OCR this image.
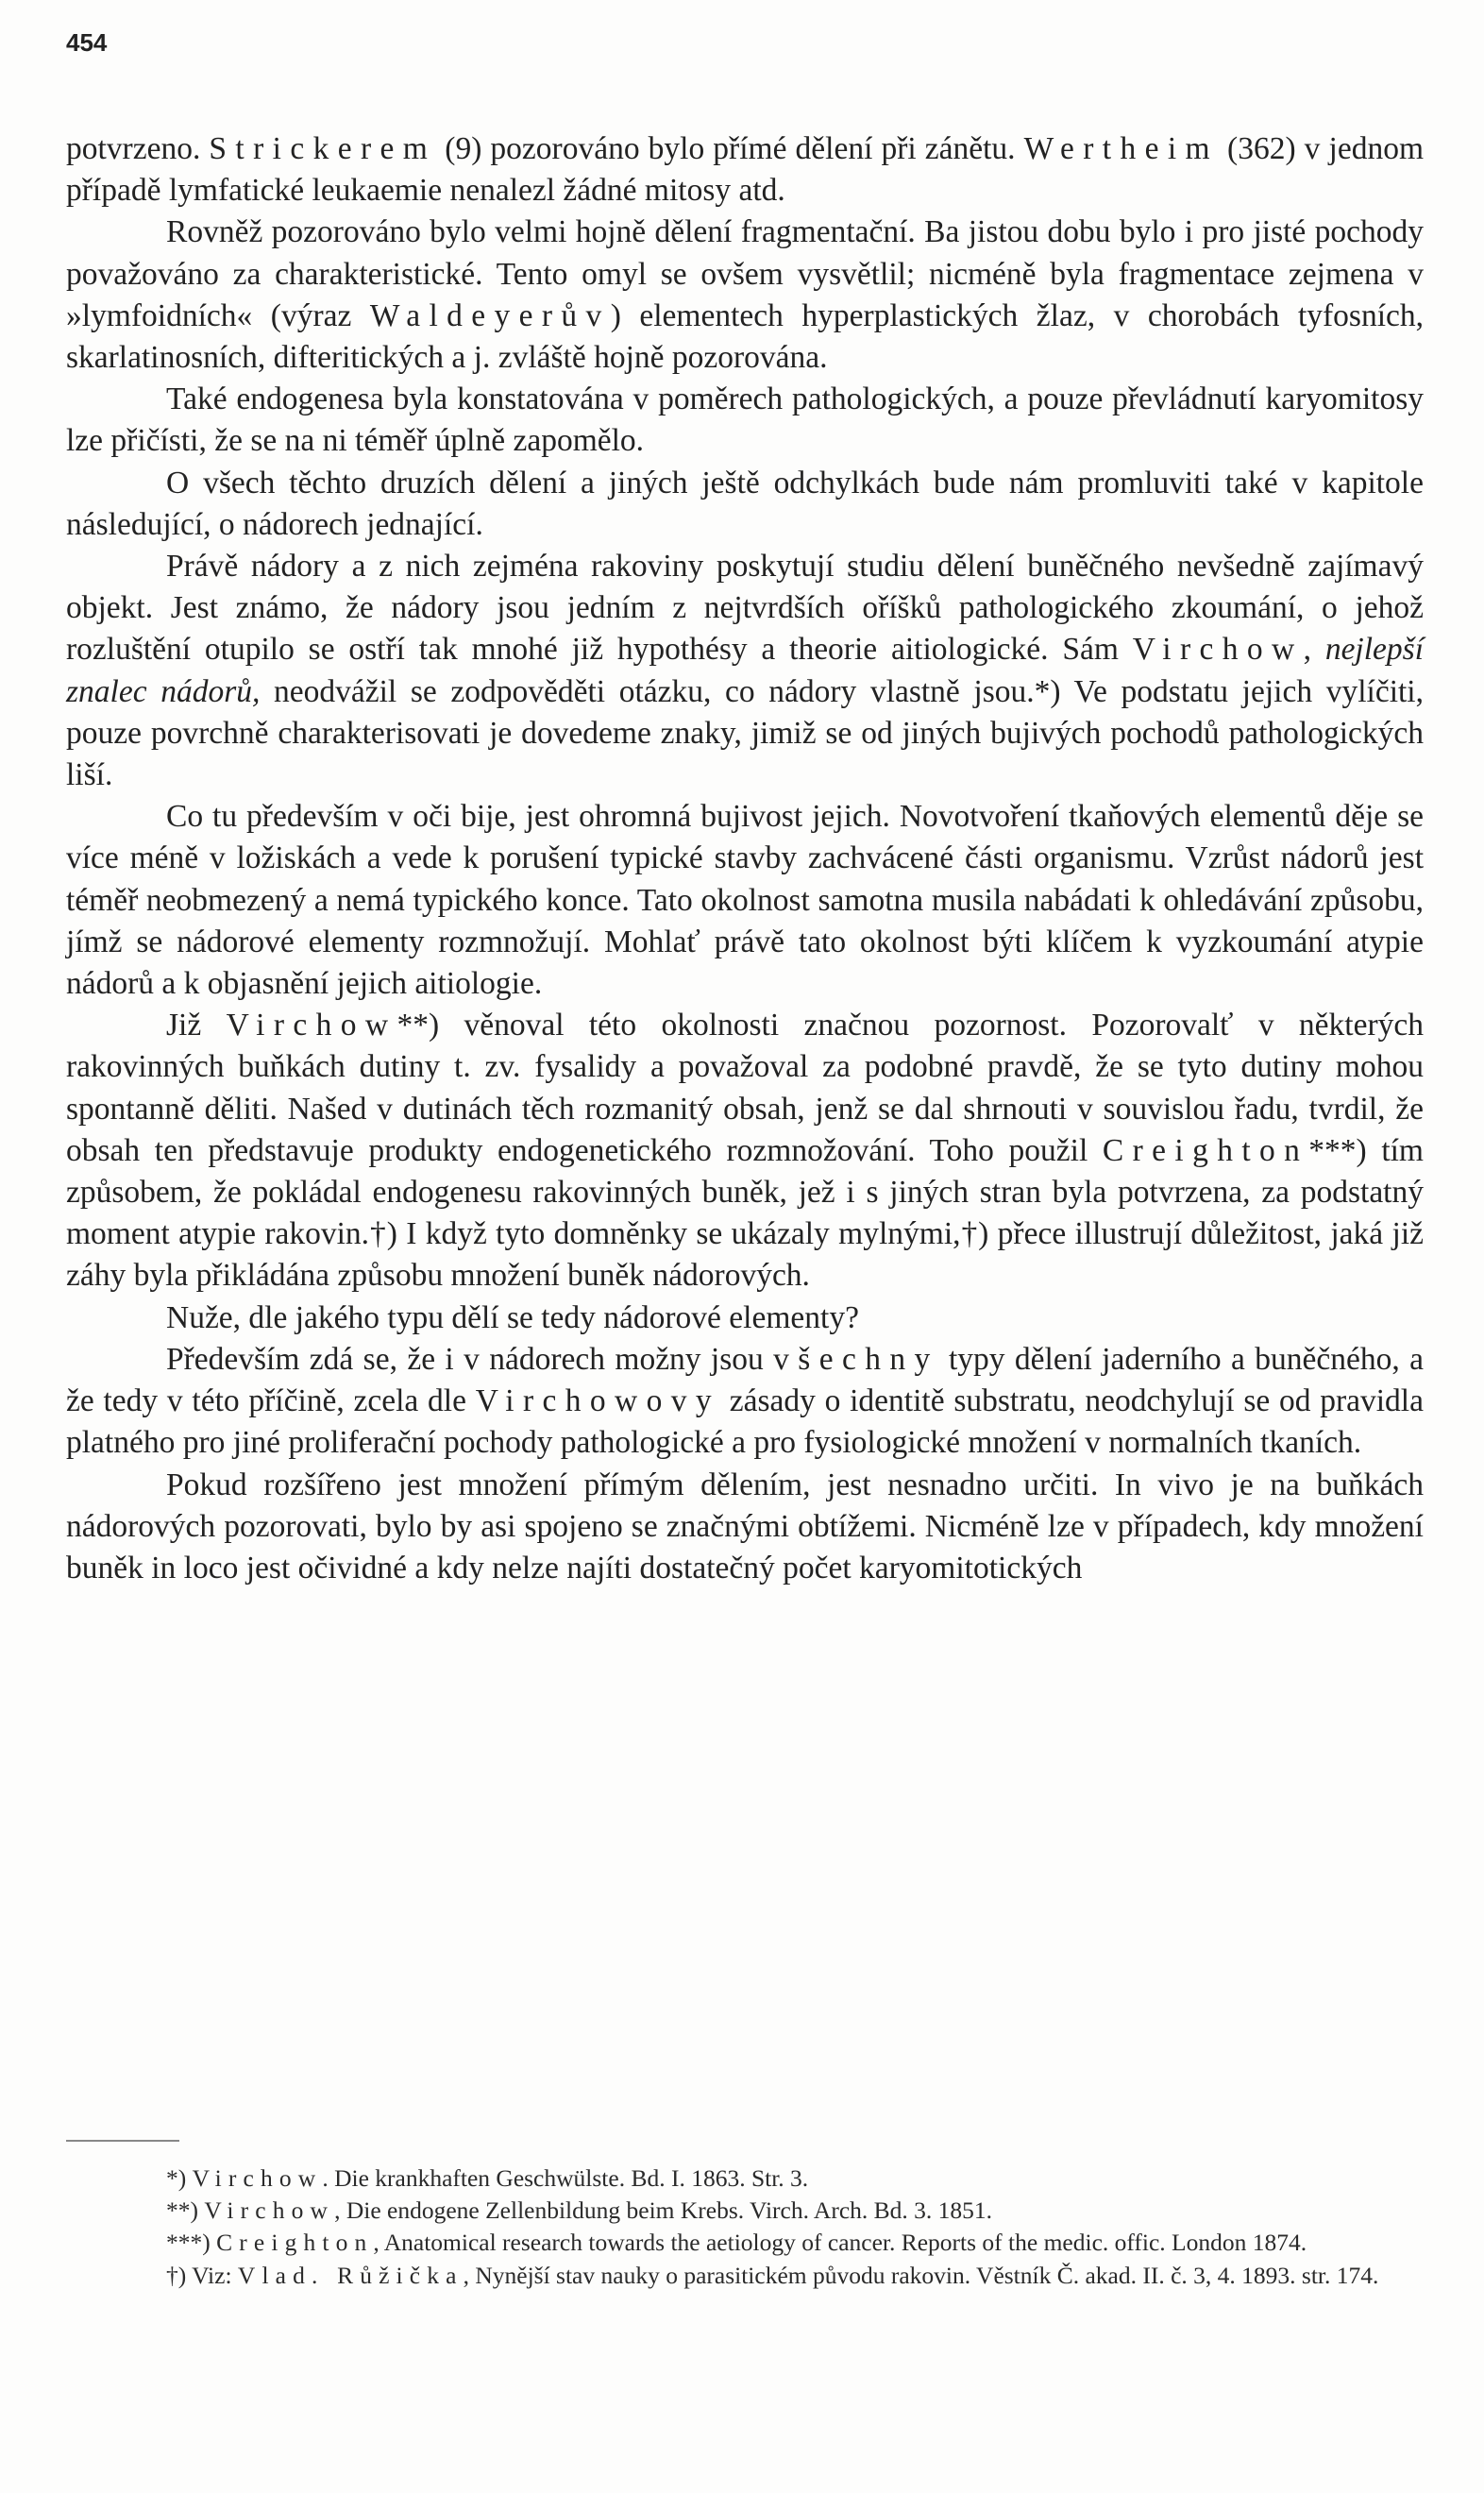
454

potvrzeno. Strickerem (9) pozorováno bylo přímé dělení při zánětu. Wertheim (362) v jednom případě lymfatické leukaemie nenalezl žádné mitosy atd.

Rovněž pozorováno bylo velmi hojně dělení fragmentační. Ba jistou dobu bylo i pro jisté pochody považováno za charakteristické. Tento omyl se ovšem vysvětlil; nicméně byla fragmentace zejmena v »lymfoidních« (výraz Waldeyerův) elementech hyperplastických žlaz, v chorobách tyfosních, skarlatinosních, difteritických a j. zvláště hojně pozorována.

Také endogenesa byla konstatována v poměrech pathologických, a pouze převládnutí karyomitosy lze přičísti, že se na ni téměř úplně zapomělo.

O všech těchto druzích dělení a jiných ještě odchylkách bude nám promluviti také v kapitole následující, o nádorech jednající.

Právě nádory a z nich zejména rakoviny poskytují studiu dělení buněčného nevšedně zajímavý objekt. Jest známo, že nádory jsou jedním z nejtvrdších oříšků pathologického zkoumání, o jehož rozluštění otupilo se ostří tak mnohé již hypothésy a theorie aitiologické. Sám Virchow, nejlepší znalec nádorů, neodvážil se zodpověděti otázku, co nádory vlastně jsou.*) Ve podstatu jejich vylíčiti, pouze povrchně charakterisovati je dovedeme znaky, jimiž se od jiných bujivých pochodů pathologických liší.

Co tu především v oči bije, jest ohromná bujivost jejich. Novotvoření tkaňových elementů děje se více méně v ložiskách a vede k porušení typické stavby zachvácené části organismu. Vzrůst nádorů jest téměř neobmezený a nemá typického konce. Tato okolnost samotna musila nabádati k ohledávání způsobu, jímž se nádorové elementy rozmnožují. Mohlať právě tato okolnost býti klíčem k vyzkoumání atypie nádorů a k objasnění jejich aitiologie.

Již Virchow**) věnoval této okolnosti značnou pozornost. Pozorovalť v některých rakovinných buňkách dutiny t. zv. fysalidy a považoval za podobné pravdě, že se tyto dutiny mohou spontanně děliti. Našed v dutinách těch rozmanitý obsah, jenž se dal shrnouti v souvislou řadu, tvrdil, že obsah ten představuje produkty endogenetického rozmnožování. Toho použil Creighton***) tím způsobem, že pokládal endogenesu rakovinných buněk, jež i s jiných stran byla potvrzena, za podstatný moment atypie rakovin.†) I když tyto domněnky se ukázaly mylnými,†) přece illustrují důležitost, jaká již záhy byla přikládána způsobu množení buněk nádorových.

Nuže, dle jakého typu dělí se tedy nádorové elementy?

Především zdá se, že i v nádorech možny jsou všechny typy dělení jaderního a buněčného, a že tedy v této příčině, zcela dle Virchowovy zásady o identitě substratu, neodchylují se od pravidla platného pro jiné proliferační pochody pathologické a pro fysiologické množení v normalních tkaních.

Pokud rozšířeno jest množení přímým dělením, jest nesnadno určiti. In vivo je na buňkách nádorových pozorovati, bylo by asi spojeno se značnými obtížemi. Nicméně lze v případech, kdy množení buněk in loco jest očividné a kdy nelze najíti dostatečný počet karyomitotických

*) Virchow. Die krankhaften Geschwülste. Bd. I. 1863. Str. 3.

**) Virchow, Die endogene Zellenbildung beim Krebs. Virch. Arch. Bd. 3. 1851.

***) Creighton, Anatomical research towards the aetiology of cancer. Reports of the medic. offic. London 1874.

†) Viz: Vlad. Růžička, Nynější stav nauky o parasitickém původu rakovin. Věstník Č. akad. II. č. 3, 4. 1893. str. 174.
